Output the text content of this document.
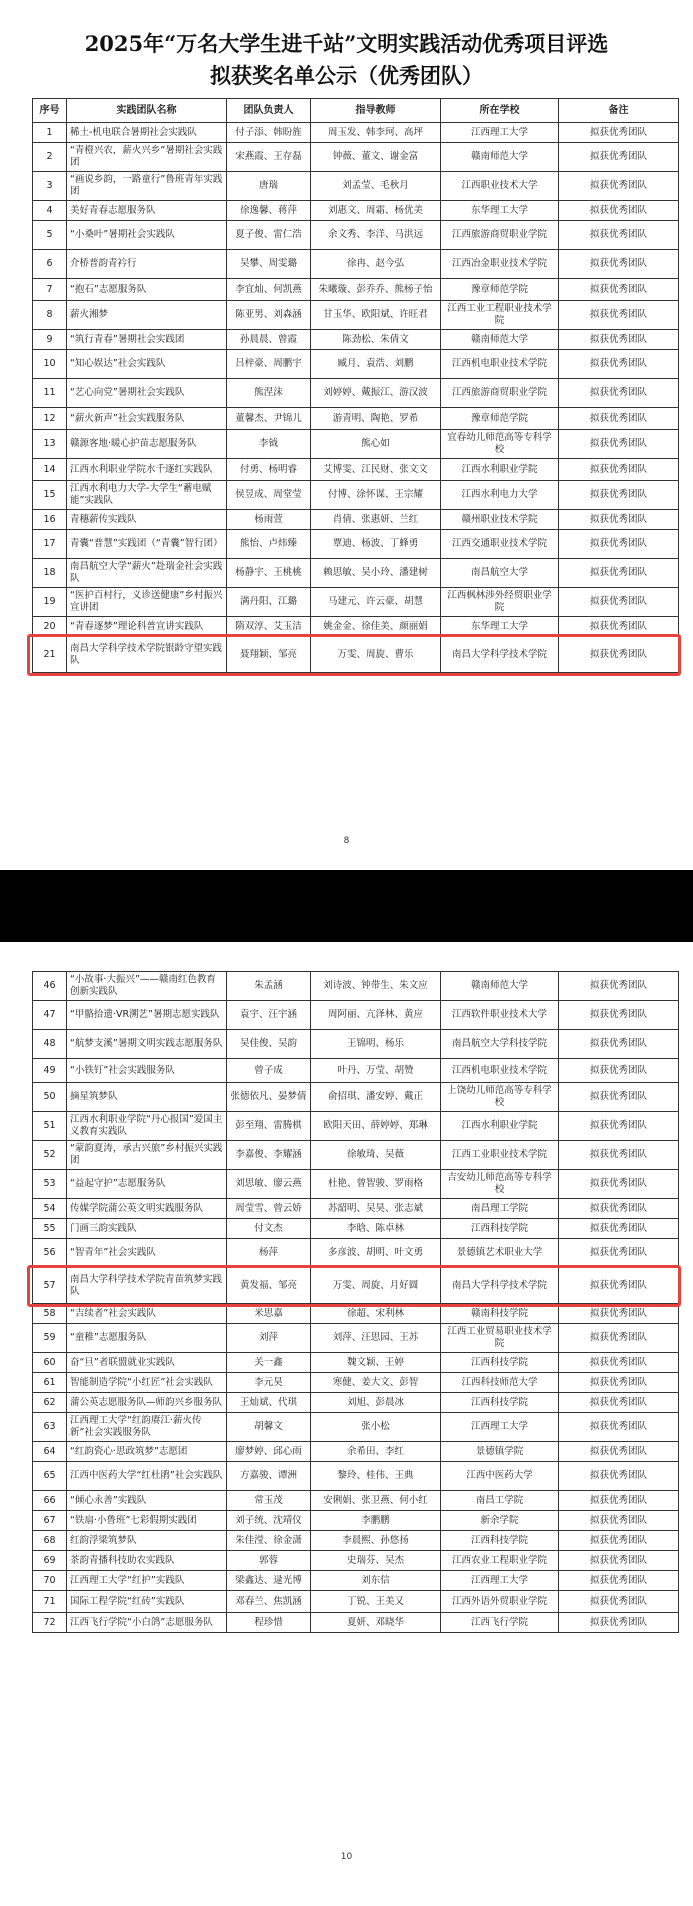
2025年“万名大学生进千站”文明实践活动优秀项目评选
拟获奖名单公示（优秀团队）
序号	实践团队名称	团队负责人	指导教师	所在学校	备注
1	稀土-机电联合暑期社会实践队	付子添、韩盼旌	周玉发、韩李珂、高坪	江西理工大学	拟获优秀团队
2	“青橙兴农，薪火兴乡”暑期社会实践团	宋燕霞、王存磊	钟薇、董文、谢金富	赣南师范大学	拟获优秀团队
3	“画说乡韵，一路童行”鲁班青年实践团	唐瑞	刘孟莹、毛秋月	江西职业技术大学	拟获优秀团队
4	美好青春志愿服务队	徐逸馨、蒋萍	刘惠文、周霜、杨优美	东华理工大学	拟获优秀团队
5	“小桑叶”暑期社会实践队	夏子俊、雷仁浩	余文秀、李洋、马洪远	江西旅游商贸职业学院	拟获优秀团队
6	介桥普韵青衿行	吴攀、周雯璐	徐冉、赵今弘	江西冶金职业技术学院	拟获优秀团队
7	“抱石”志愿服务队	李宜灿、何凯燕	朱曦璇、彭乔乔、熊杨子怡	豫章师范学院	拟获优秀团队
8	薪火湘梦	陈亚男、刘森涵	甘玉华、欧阳斌、许旺君	江西工业工程职业技术学院	拟获优秀团队
9	“筑行青春”暑期社会实践团	孙晨晨、曾霞	陈劲松、朱倩文	赣南师范大学	拟获优秀团队
10	“知心娱达”社会实践队	吕梓豪、周鹏宇	臧月、袁浩、刘鹏	江西机电职业技术学院	拟获优秀团队
11	“艺心向党”暑期社会实践队	熊涅沫	刘婷婷、戴振江、游汉波	江西旅游商贸职业学院	拟获优秀团队
12	“薪火新声”社会实践服务队	董馨杰、尹锦儿	游青明、陶艳、罗希	豫章师范学院	拟获优秀团队
13	赣源客地·暖心护苗志愿服务队	李钺	熊心如	宜春幼儿师范高等专科学校	拟获优秀团队
14	江西水利职业学院水千逐红实践队	付勇、杨明睿	艾博雯、江民财、张文文	江西水利职业学院	拟获优秀团队
15	江西水利电力大学-大学生“蓄电赋能”实践队	侯昱成、周堂莹	付博、涂怀谋、王宗耀	江西水利电力大学	拟获优秀团队
16	青穗薪传实践队	杨雨萱	肖倩、张惠妍、兰红	赣州职业技术学院	拟获优秀团队
17	青囊“普慧”实践团（“青囊”智行团）	熊怡、卢炜臻	覃迪、杨波、丁蜂勇	江西交通职业技术学院	拟获优秀团队
18	南昌航空大学“薪火”赴瑞金社会实践队	杨静宇、王桃桃	赖思敏、吴小玲、潘建树	南昌航空大学	拟获优秀团队
19	“医护百村行，义诊送健康”乡村振兴宣讲团	满丹阳、江璐	马建元、许云豪、胡慧	江西枫林涉外经贸职业学院	拟获优秀团队
20	“青春逐梦”理论科普宣讲实践队	隋双淳、艾玉洁	姚金金、徐佳美、颜丽娟	东华理工大学	拟获优秀团队
21	南昌大学科学技术学院银龄守望实践队	聂翔颖、邹亮	万雯、周旋、曹乐	南昌大学科学技术学院	拟获优秀团队
8
46	“小故事·大振兴”——赣南红色教育创新实践队	朱孟涵	刘诗波、钟带生、朱文应	赣南师范大学	拟获优秀团队
47	“甲骼拾遗·VR溯艺”暑期志愿实践队	袁宇、汪宇涵	周阿丽、亢泽林、黄应	江西软件职业技术大学	拟获优秀团队
48	“航梦支溪”暑期文明实践志愿服务队	吴佳俊、吴韵	王锦明、杨乐	南昌航空大学科技学院	拟获优秀团队
49	“小铁钉”社会实践服务队	曾子成	叶丹、万莹、胡赞	江西机电职业技术学院	拟获优秀团队
50	摘星筑梦队	张德依凡、晏梦倩	俞招琪、潘安婷、戴正	上饶幼儿师范高等专科学校	拟获优秀团队
51	江西水利职业学院“丹心报国”爱国主义教育实践队	彭至翔、雷腾棋	欧阳天田、薛婷婷、郑琳	江西水利职业学院	拟获优秀团队
52	“蒙韵夏涛，承古兴旅”乡村振兴实践团	李嘉俊、李耀涵	徐敏琦、吴薇	江西工业职业技术学院	拟获优秀团队
53	“益起守护”志愿服务队	刘思敏、廖云燕	杜艳、曾智骏、罗雨格	吉安幼儿师范高等专科学校	拟获优秀团队
54	传媒学院蒲公英文明实践服务队	周莹雪、曾云娇	苏韶明、吴昊、张志斌	南昌理工学院	拟获优秀团队
55	门画三韵实践队	付文杰	李晗、陈卓林	江西科技学院	拟获优秀团队
56	“智青年”社会实践队	杨萍	多彦波、胡明、叶文勇	景德镇艺术职业大学	拟获优秀团队
57	南昌大学科学技术学院青苗筑梦实践队	黄发福、邹亮	万雯、周旋、月好圆	南昌大学科学技术学院	拟获优秀团队
58	“吉续者”社会实践队	米思嘉	徐超、宋利林	赣南科技学院	拟获优秀团队
59	“童稚”志愿服务队	刘萍	刘萍、汪思园、王苏	江西工业贸易职业技术学院	拟获优秀团队
60	奋“旦”者联盟就业实践队	关一鑫	魏文颖、王婷	江西科技学院	拟获优秀团队
61	智能制造学院“小红匠”社会实践队	李元昊	寒健、姜大文、彭智	江西科技师范大学	拟获优秀团队
62	蒲公英志愿服务队—师韵兴乡服务队	王灿斌、代琪	刘旭、彭晨冰	江西科技学院	拟获优秀团队
63	江西理工大学“红韵赓江·薪火传新”社会实践服务队	胡馨文	张小松	江西理工大学	拟获优秀团队
64	“红韵瓷心·思政筑梦”志愿团	廖梦婷、邱心雨	余希田、李红	景德镇学院	拟获优秀团队
65	江西中医药大学“红杜鹃”社会实践队	方嘉骏、谭洲	黎玲、桂伟、王典	江西中医药大学	拟获优秀团队
66	“倾心永善”实践队	常玉茂	安俐娟、张卫燕、何小红	南昌工学院	拟获优秀团队
67	“铁扇·小鲁班”七彩假期实践团	刘子统、沈靖仪	李鹏鹏	新余学院	拟获优秀团队
68	红韵浮梁筑梦队	朱佳滢、徐金潇	李晨熙、孙悠扬	江西科技学院	拟获优秀团队
69	茶韵青播科技助农实践队	郭蓉	史瑞芬、吴杰	江西农业工程职业学院	拟获优秀团队
70	江西理工大学“红护”实践队	梁鑫达、逯光博	刘东信	江西理工大学	拟获优秀团队
71	国际工程学院“红砖”实践队	邓春兰、焦凯涵	丁锐、王美又	江西外语外贸职业学院	拟获优秀团队
72	江西飞行学院“小白鸽”志愿服务队	程珍惜	夏妍、邓晓华	江西飞行学院	拟获优秀团队
10
